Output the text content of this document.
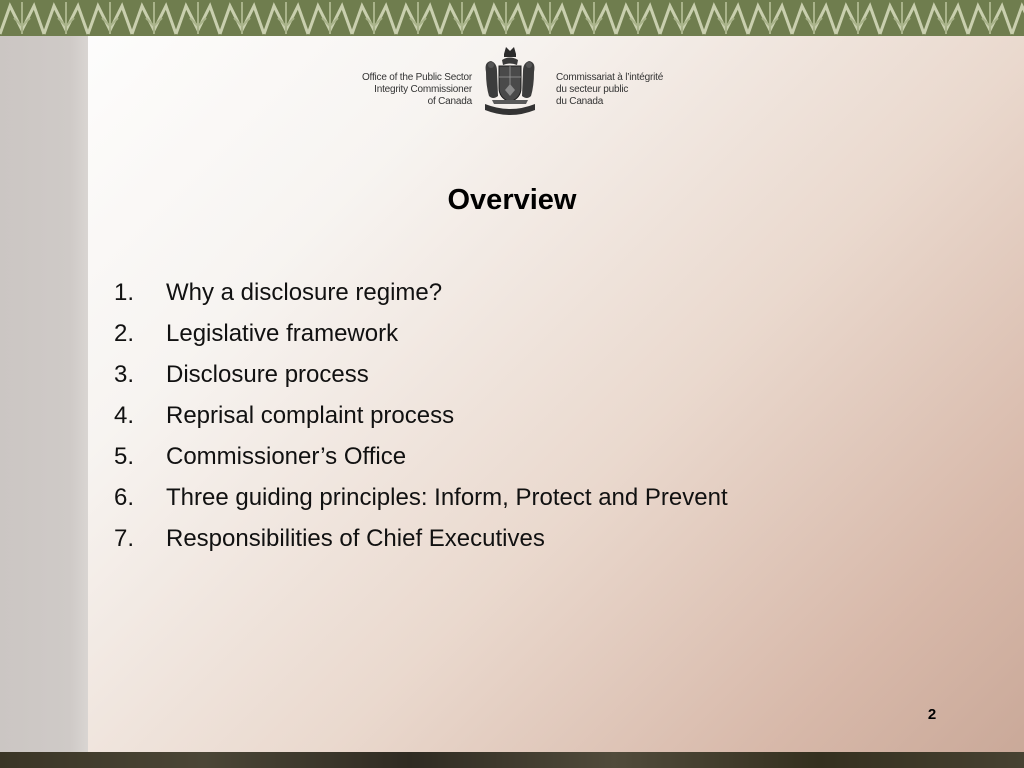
Office of the Public Sector
Integrity Commissioner
of Canada
Commissariat à l’intégrité
du secteur public
du Canada
Overview
1.	Why a disclosure regime?
2.	Legislative framework
3.	Disclosure process
4.	Reprisal complaint process
5.	Commissioner’s Office
6.	Three guiding principles: Inform, Protect and Prevent
7.	Responsibilities of Chief Executives
2
